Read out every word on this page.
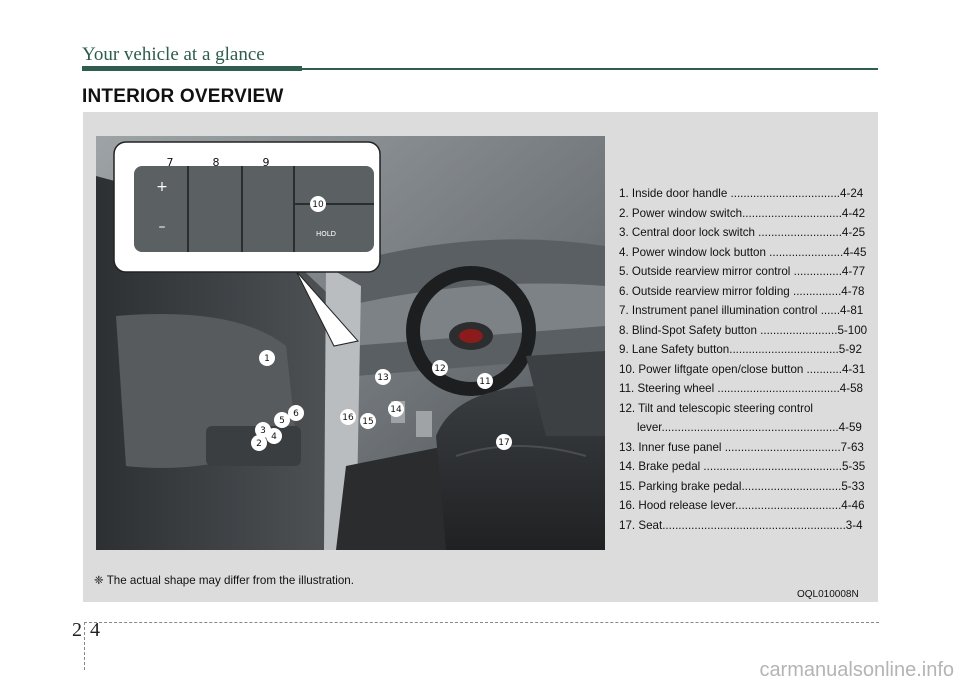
Your vehicle at a glance
INTERIOR OVERVIEW
+
–	HOLD
7	8	9
10
1
2
3
4
5
6
11
12
13
14
15
16
17
1. Inside door handle ..................................4-24
2. Power window switch...............................4-42
3. Central door lock switch ..........................4-25
4. Power window lock button .......................4-45
5. Outside rearview mirror control ...............4-77
6. Outside rearview mirror folding ...............4-78
7. Instrument panel illumination control ......4-81
8. Blind-Spot Safety button ........................5-100
9. Lane Safety button..................................5-92
10. Power liftgate open/close button ...........4-31
11. Steering wheel ......................................4-58
12. Tilt and telescopic steering control
lever.......................................................4-59
13. Inner fuse panel ....................................7-63
14. Brake pedal ...........................................5-35
15. Parking brake pedal...............................5-33
16. Hood release lever.................................4-46
17. Seat.........................................................3-4
❈ The actual shape may differ from the illustration.
OQL010008N
2 4
carmanualsonline.info
